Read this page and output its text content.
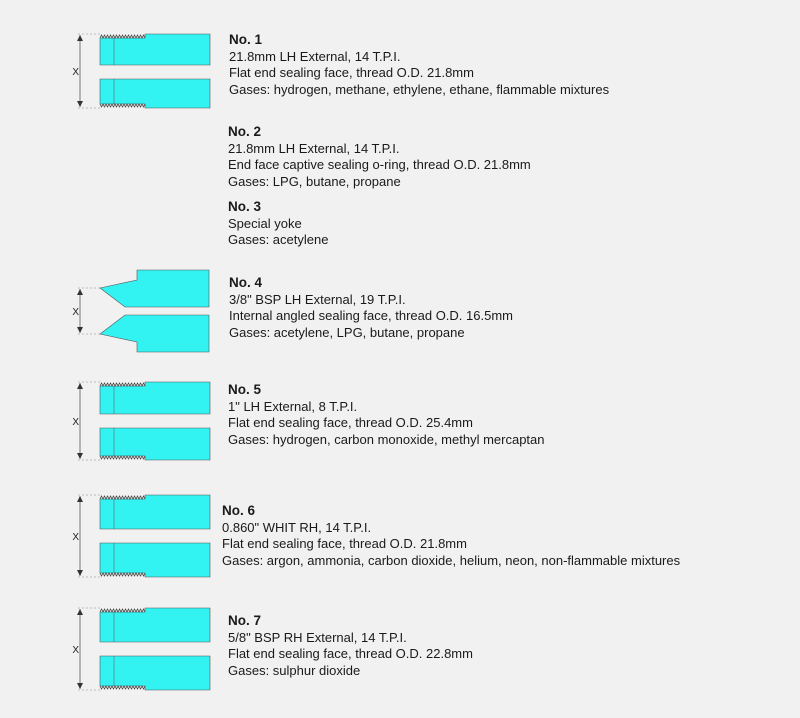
X
No. 1
21.8mm LH External, 14 T.P.I.
Flat end sealing face, thread O.D. 21.8mm
Gases: hydrogen, methane, ethylene, ethane, flammable mixtures
No. 2
21.8mm LH External, 14 T.P.I.
End face captive sealing o-ring, thread O.D. 21.8mm
Gases: LPG, butane, propane
No. 3
Special yoke
Gases: acetylene
X
No. 4
3/8" BSP LH External, 19 T.P.I.
Internal angled sealing face, thread O.D. 16.5mm
Gases: acetylene, LPG, butane, propane
X
No. 5
1" LH External, 8 T.P.I.
Flat end sealing face, thread O.D. 25.4mm
Gases: hydrogen, carbon monoxide, methyl mercaptan
X
No. 6
0.860" WHIT RH, 14 T.P.I.
Flat end sealing face, thread O.D. 21.8mm
Gases: argon, ammonia, carbon dioxide, helium, neon, non-flammable mixtures
X
No. 7
5/8" BSP RH External, 14 T.P.I.
Flat end sealing face, thread O.D. 22.8mm
Gases: sulphur dioxide
